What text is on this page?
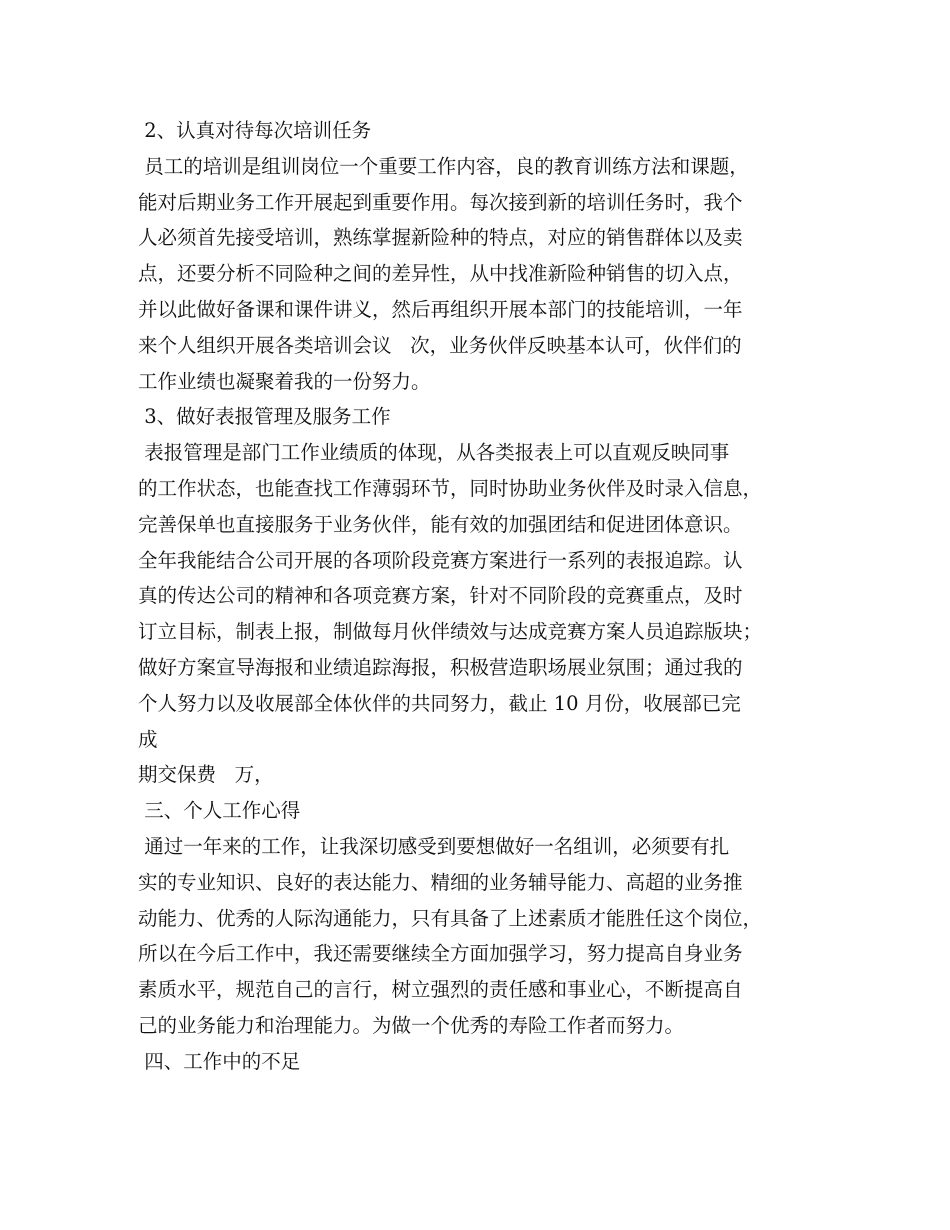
2、认真对待每次培训任务
员工的培训是组训岗位一个重要工作内容，良的教育训练方法和课题，
能对后期业务工作开展起到重要作用。每次接到新的培训任务时，我个
人必须首先接受培训，熟练掌握新险种的特点，对应的销售群体以及卖
点，还要分析不同险种之间的差异性，从中找准新险种销售的切入点，
并以此做好备课和课件讲义，然后再组织开展本部门的技能培训，一年
来个人组织开展各类培训会议   次，业务伙伴反映基本认可，伙伴们的
工作业绩也凝聚着我的一份努力。
3、做好表报管理及服务工作
表报管理是部门工作业绩质的体现，从各类报表上可以直观反映同事
的工作状态，也能查找工作薄弱环节，同时协助业务伙伴及时录入信息，
完善保单也直接服务于业务伙伴，能有效的加强团结和促进团体意识。
全年我能结合公司开展的各项阶段竞赛方案进行一系列的表报追踪。认
真的传达公司的精神和各项竞赛方案，针对不同阶段的竞赛重点，及时
订立目标，制表上报，制做每月伙伴绩效与达成竞赛方案人员追踪版块；
做好方案宣导海报和业绩追踪海报，积极营造职场展业氛围；通过我的
个人努力以及收展部全体伙伴的共同努力，截止 10 月份，收展部已完
成
期交保费   万，
三、个人工作心得
通过一年来的工作，让我深切感受到要想做好一名组训，必须要有扎
实的专业知识、良好的表达能力、精细的业务辅导能力、高超的业务推
动能力、优秀的人际沟通能力，只有具备了上述素质才能胜任这个岗位，
所以在今后工作中，我还需要继续全方面加强学习，努力提高自身业务
素质水平，规范自己的言行，树立强烈的责任感和事业心，不断提高自
己的业务能力和治理能力。为做一个优秀的寿险工作者而努力。
四、工作中的不足
